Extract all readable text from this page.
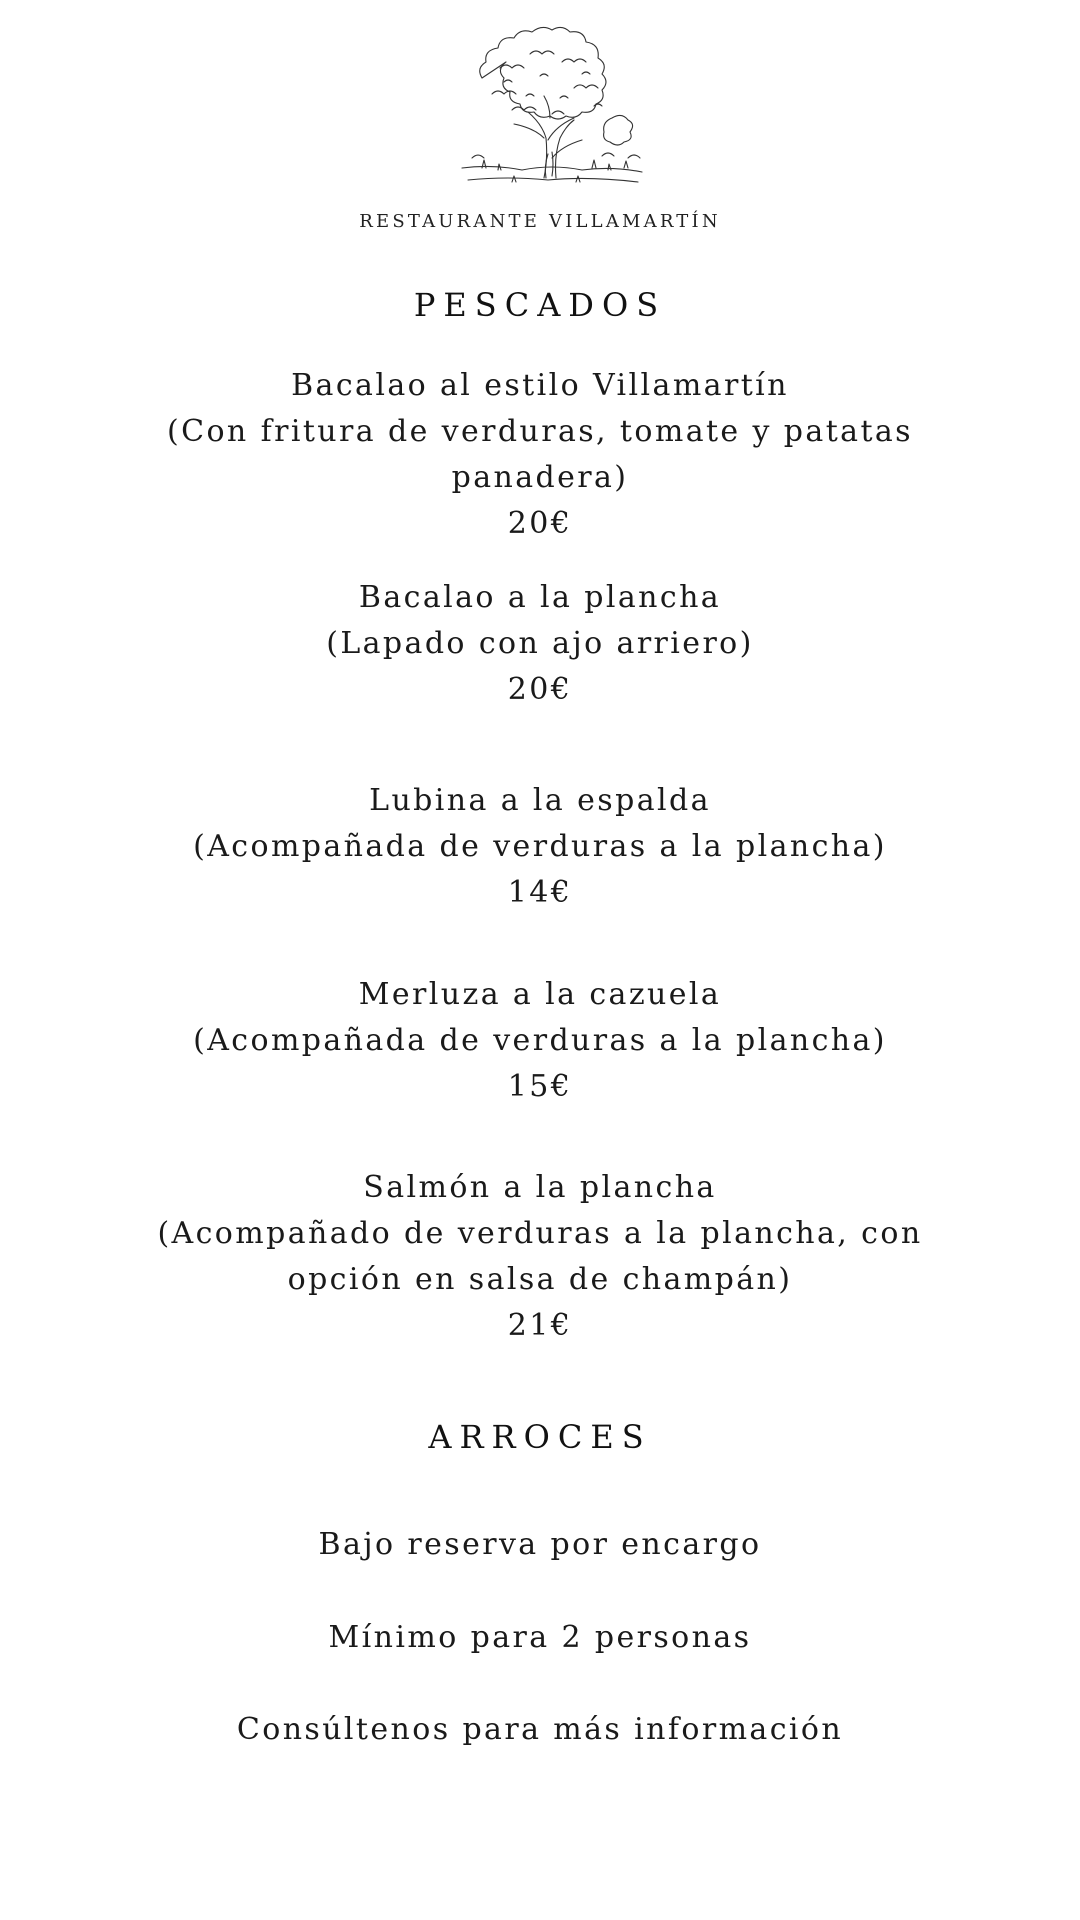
RESTAURANTE VILLAMARTÍN
PESCADOS
Bacalao al estilo Villamartín
(Con fritura de verduras, tomate y patatas panadera)
20€
Bacalao a la plancha
(Lapado con ajo arriero)
20€
Lubina a la espalda
(Acompañada de verduras a la plancha)
14€
Merluza a la cazuela
(Acompañada de verduras a la plancha)
15€
Salmón a la plancha
(Acompañado de verduras a la plancha, con opción en salsa de champán)
21€
ARROCES
Bajo reserva por encargo
Mínimo para 2 personas
Consúltenos para más información
